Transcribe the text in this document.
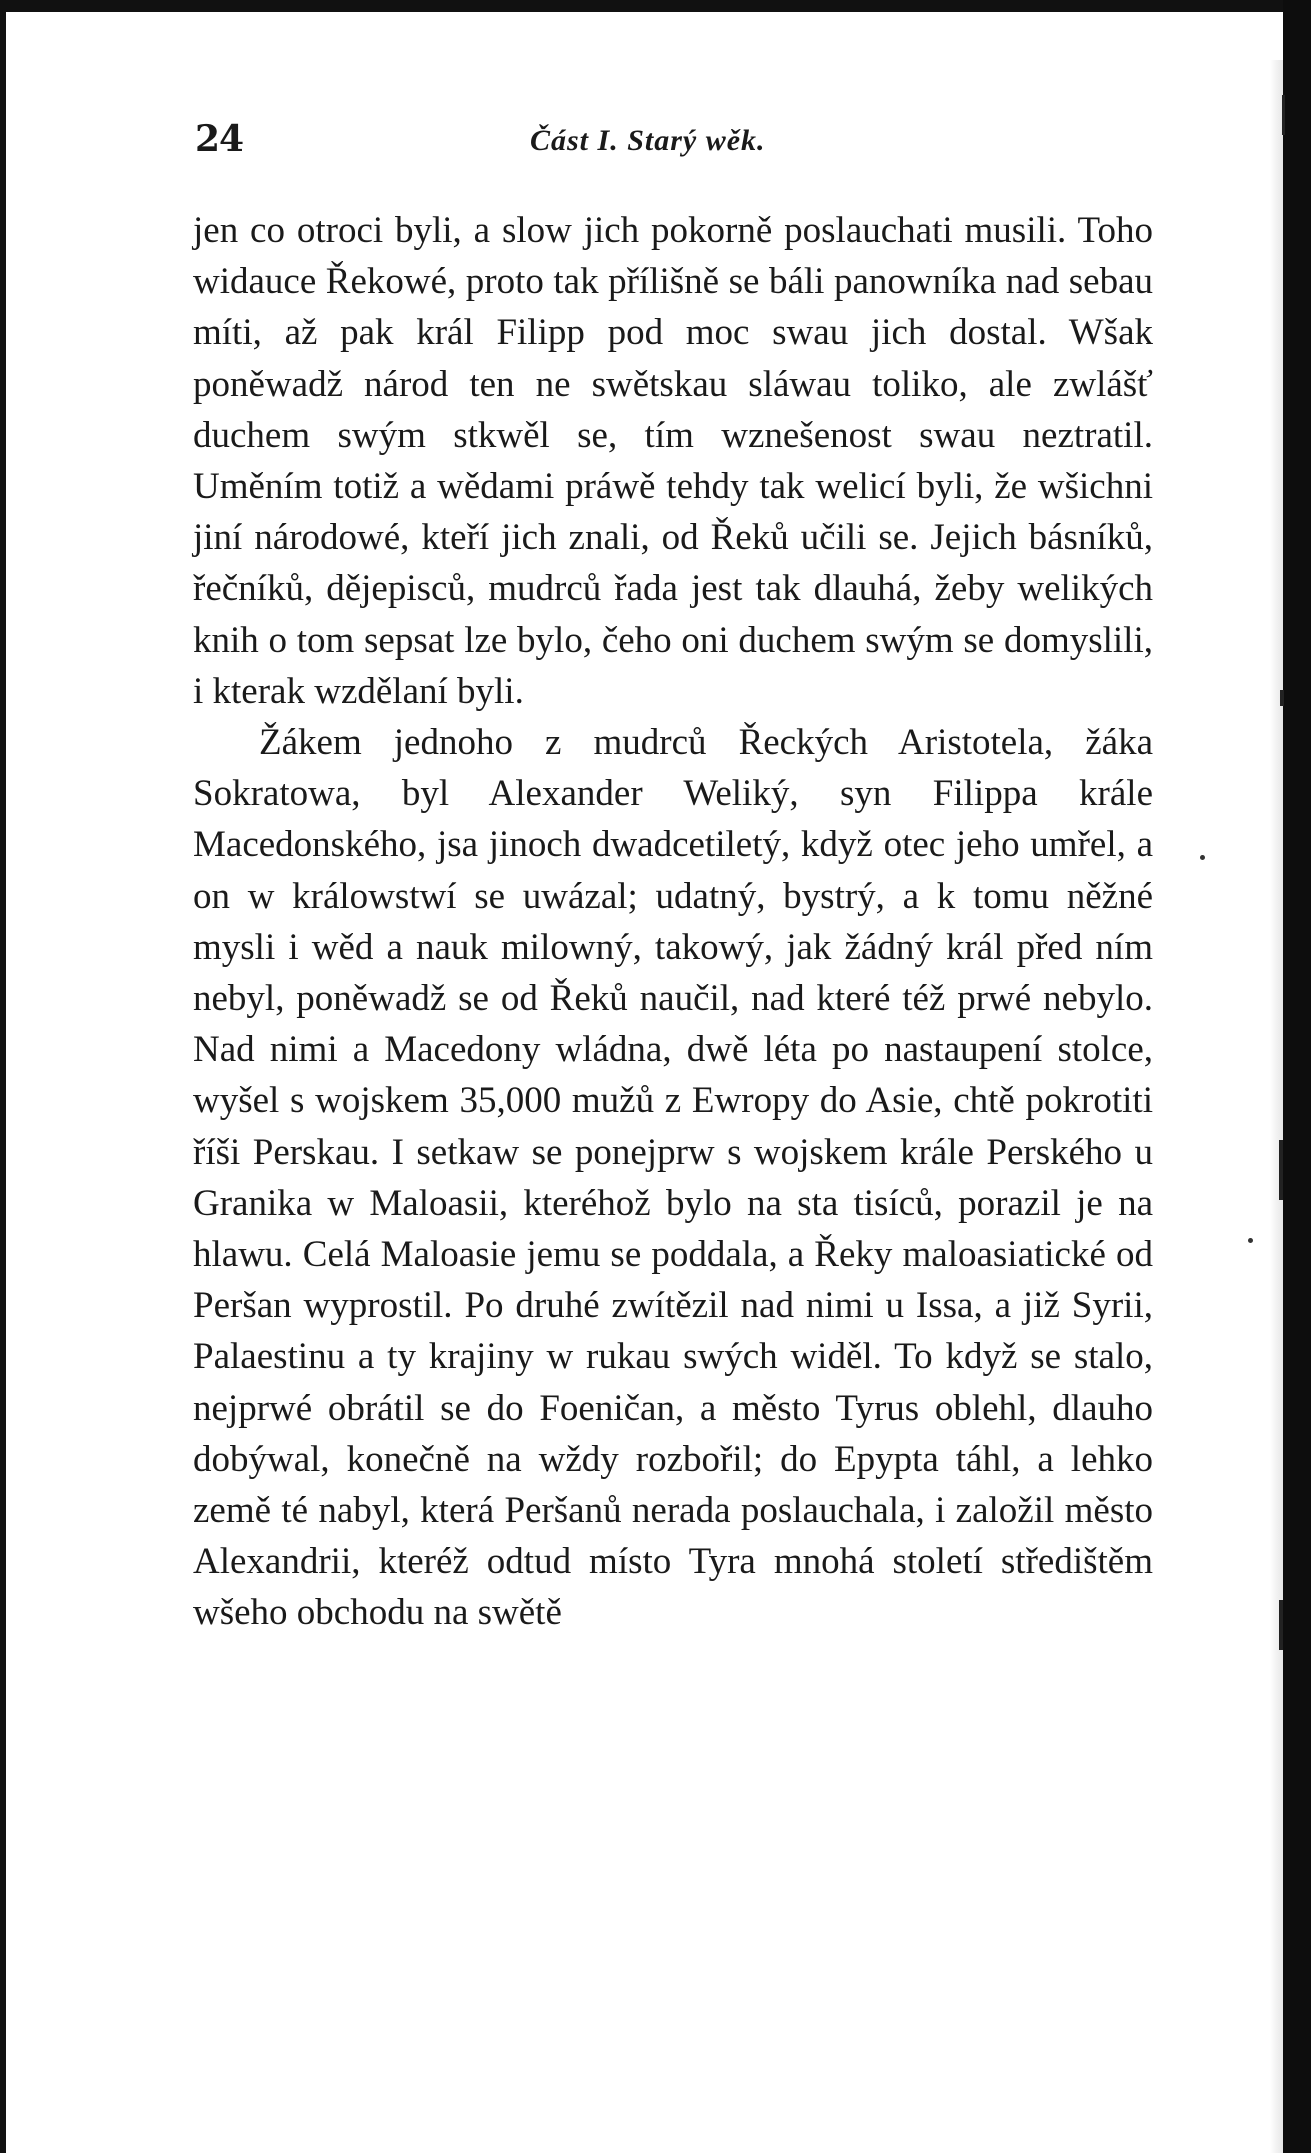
24	Část I. Starý wěk.

jen co otroci byli, a slow jich pokorně poslauchati musili. Toho widauce Řekowé, proto tak přílišně se báli panowníka nad sebau míti, až pak král Filipp pod moc swau jich dostal. Wšak poněwadž národ ten ne swětskau sláwau toliko, ale zwlášť duchem swým stkwěl se, tím wznešenost swau neztratil. Uměním totiž a wědami práwě tehdy tak welicí byli, že wšichni jiní národowé, kteří jich znali, od Řeků učili se. Jejich básníků, řečníků, dějepisců, mudrců řada jest tak dlauhá, žeby welikých knih o tom sepsat lze bylo, čeho oni duchem swým se domyslili, i kterak wzdělaní byli.

Žákem jednoho z mudrců Řeckých Aristotela, žáka Sokratowa, byl Alexander Weliký, syn Filippa krále Macedonského, jsa jinoch dwadcetiletý, když otec jeho umřel, a on w králowstwí se uwázal; udatný, bystrý, a k tomu něžné mysli i wěd a nauk milowný, takowý, jak žádný král před ním nebyl, poněwadž se od Řeků naučil, nad které též prwé nebylo. Nad nimi a Macedony wládna, dwě léta po nastaupení stolce, wyšel s wojskem 35,000 mužů z Ewropy do Asie, chtě pokrotiti říši Perskau. I setkaw se ponejprw s wojskem krále Perského u Granika w Maloasii, kteréhož bylo na sta tisíců, porazil je na hlawu. Celá Maloasie jemu se poddala, a Řeky maloasiatické od Peršan wyprostil. Po druhé zwítězil nad nimi u Issa, a již Syrii, Palaestinu a ty krajiny w rukau swých widěl. To když se stalo, nejprwé obrátil se do Foeničan, a město Tyrus oblehl, dlauho dobýwal, konečně na wždy rozbořil; do Epypta táhl, a lehko země té nabyl, která Peršanů nerada poslauchala, i založil město Alexandrii, kteréž odtud místo Tyra mnohá století středištěm wšeho obchodu na swětě
